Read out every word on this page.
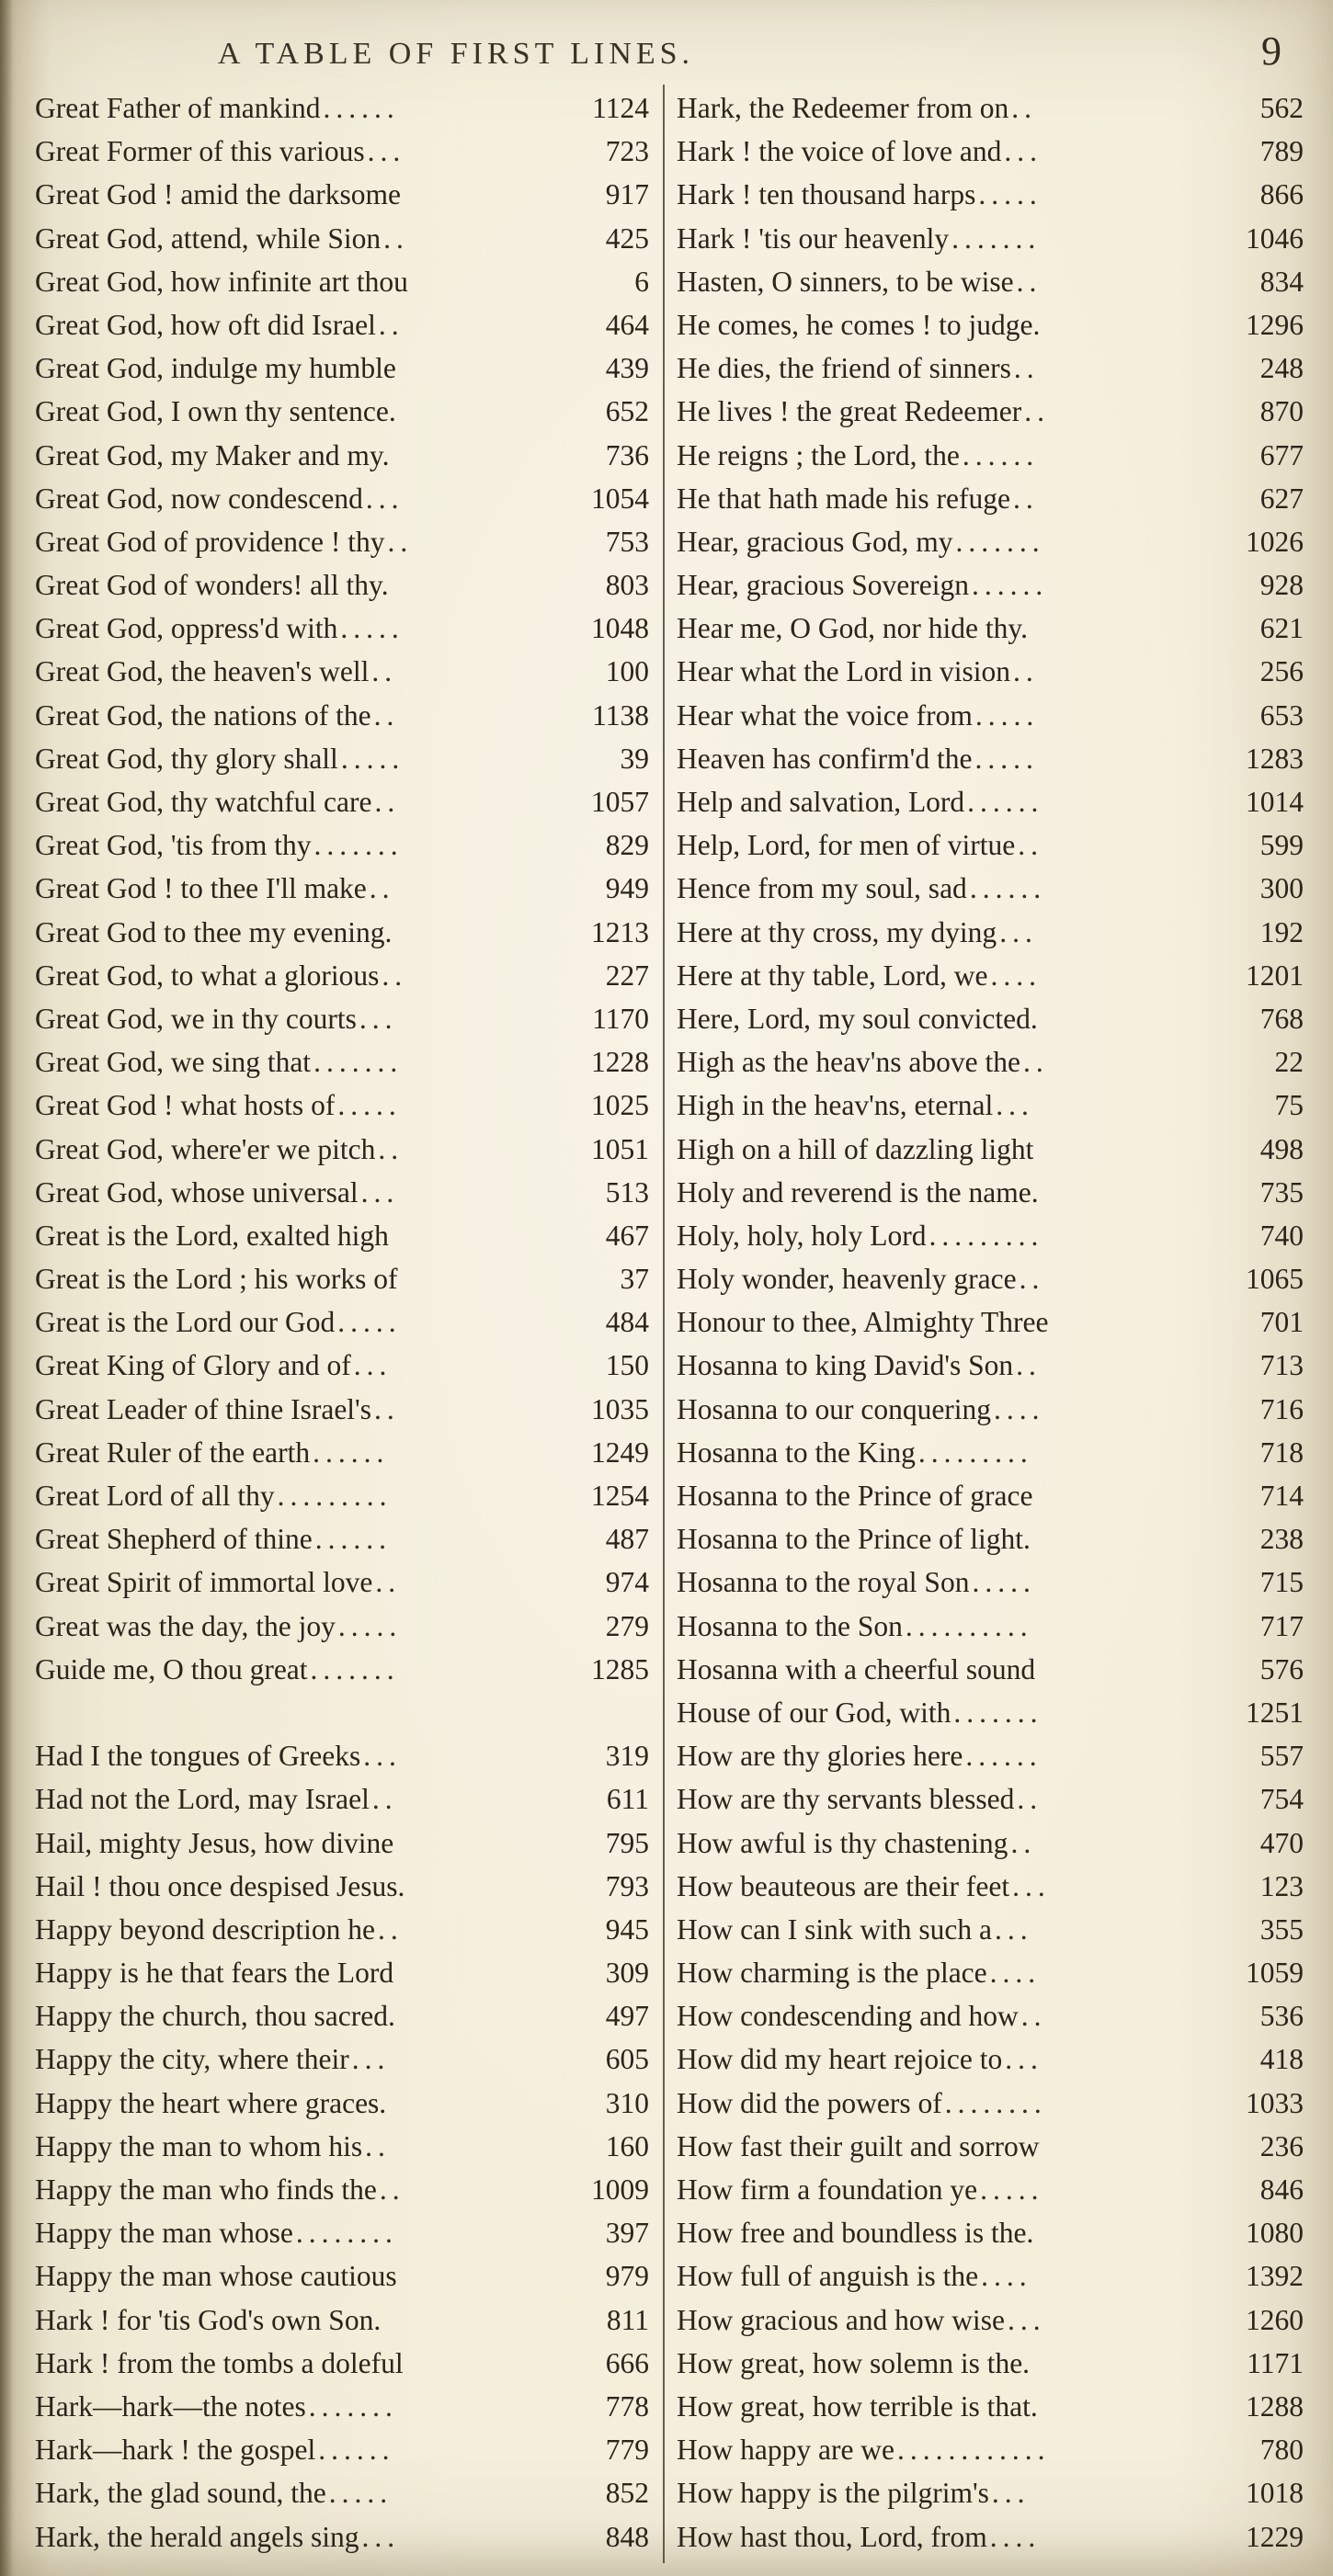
A TABLE OF FIRST LINES.	9
Great Father of mankind ......	1124
Great Former of this various ...	723
Great God ! amid the darksome	917
Great God, attend, while Sion ..	425
Great God, how infinite art thou	6
Great God, how oft did Israel ..	464
Great God, indulge my humble	439
Great God, I own thy sentence.	652
Great God, my Maker and my.	736
Great God, now condescend ...	1054
Great God of providence ! thy ..	753
Great God of wonders! all thy.	803
Great God, oppress'd with .....	1048
Great God, the heaven's well ..	100
Great God, the nations of the ..	1138
Great God, thy glory shall .....	39
Great God, thy watchful care ..	1057
Great God, 'tis from thy .......	829
Great God ! to thee I'll make ..	949
Great God to thee my evening.	1213
Great God, to what a glorious ..	227
Great God, we in thy courts ...	1170
Great God, we sing that .......	1228
Great God ! what hosts of .....	1025
Great God, where'er we pitch ..	1051
Great God, whose universal ...	513
Great is the Lord, exalted high	467
Great is the Lord ; his works of	37
Great is the Lord our God .....	484
Great King of Glory and of ...	150
Great Leader of thine Israel's ..	1035
Great Ruler of the earth ......	1249
Great Lord of all thy .........	1254
Great Shepherd of thine ......	487
Great Spirit of immortal love ..	974
Great was the day, the joy .....	279
Guide me, O thou great .......	1285
Had I the tongues of Greeks ...	319
Had not the Lord, may Israel ..	611
Hail, mighty Jesus, how divine	795
Hail ! thou once despised Jesus.	793
Happy beyond description he ..	945
Happy is he that fears the Lord	309
Happy the church, thou sacred.	497
Happy the city, where their ...	605
Happy the heart where graces.	310
Happy the man to whom his ..	160
Happy the man who finds the ..	1009
Happy the man whose ........	397
Happy the man whose cautious	979
Hark ! for 'tis God's own Son.	811
Hark ! from the tombs a doleful	666
Hark—hark—the notes .......	778
Hark—hark ! the gospel ......	779
Hark, the glad sound, the .....	852
Hark, the herald angels sing ...	848
Hark, the Redeemer from on ..	562
Hark ! the voice of love and ...	789
Hark ! ten thousand harps .....	866
Hark ! 'tis our heavenly .......	1046
Hasten, O sinners, to be wise ..	834
He comes, he comes ! to judge.	1296
He dies, the friend of sinners ..	248
He lives ! the great Redeemer ..	870
He reigns ; the Lord, the ......	677
He that hath made his refuge ..	627
Hear, gracious God, my .......	1026
Hear, gracious Sovereign ......	928
Hear me, O God, nor hide thy.	621
Hear what the Lord in vision ..	256
Hear what the voice from .....	653
Heaven has confirm'd the .....	1283
Help and salvation, Lord ......	1014
Help, Lord, for men of virtue ..	599
Hence from my soul, sad ......	300
Here at thy cross, my dying ...	192
Here at thy table, Lord, we ....	1201
Here, Lord, my soul convicted.	768
High as the heav'ns above the ..	22
High in the heav'ns, eternal ...	75
High on a hill of dazzling light	498
Holy and reverend is the name.	735
Holy, holy, holy Lord .........	740
Holy wonder, heavenly grace ..	1065
Honour to thee, Almighty Three	701
Hosanna to king David's Son ..	713
Hosanna to our conquering ....	716
Hosanna to the King .........	718
Hosanna to the Prince of grace	714
Hosanna to the Prince of light.	238
Hosanna to the royal Son .....	715
Hosanna to the Son ..........	717
Hosanna with a cheerful sound	576
House of our God, with .......	1251
How are thy glories here ......	557
How are thy servants blessed ..	754
How awful is thy chastening ..	470
How beauteous are their feet ...	123
How can I sink with such a ...	355
How charming is the place ....	1059
How condescending and how ..	536
How did my heart rejoice to ...	418
How did the powers of ........	1033
How fast their guilt and sorrow	236
How firm a foundation ye .....	846
How free and boundless is the.	1080
How full of anguish is the ....	1392
How gracious and how wise ...	1260
How great, how solemn is the.	1171
How great, how terrible is that.	1288
How happy are we ............	780
How happy is the pilgrim's ...	1018
How hast thou, Lord, from ....	1229
